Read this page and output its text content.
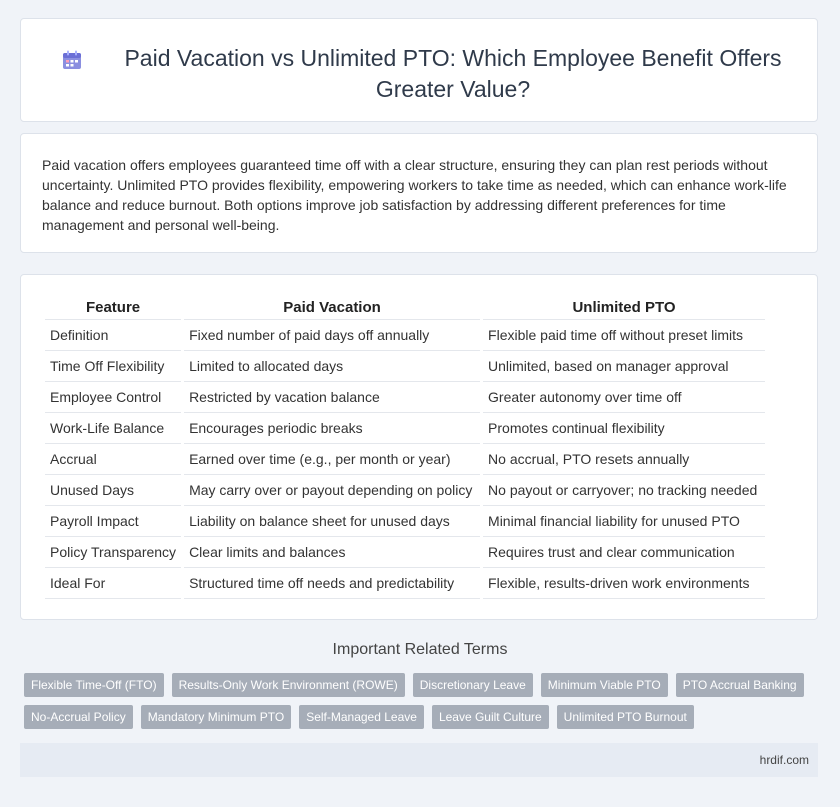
Paid Vacation vs Unlimited PTO: Which Employee Benefit Offers Greater Value?

Paid vacation offers employees guaranteed time off with a clear structure, ensuring they can plan rest periods without uncertainty. Unlimited PTO provides flexibility, empowering workers to take time as needed, which can enhance work-life balance and reduce burnout. Both options improve job satisfaction by addressing different preferences for time management and personal well-being.

Feature	Paid Vacation	Unlimited PTO
Definition	Fixed number of paid days off annually	Flexible paid time off without preset limits
Time Off Flexibility	Limited to allocated days	Unlimited, based on manager approval
Employee Control	Restricted by vacation balance	Greater autonomy over time off
Work-Life Balance	Encourages periodic breaks	Promotes continual flexibility
Accrual	Earned over time (e.g., per month or year)	No accrual, PTO resets annually
Unused Days	May carry over or payout depending on policy	No payout or carryover; no tracking needed
Payroll Impact	Liability on balance sheet for unused days	Minimal financial liability for unused PTO
Policy Transparency	Clear limits and balances	Requires trust and clear communication
Ideal For	Structured time off needs and predictability	Flexible, results-driven work environments
Important Related Terms
Flexible Time-Off (FTO)	Results-Only Work Environment (ROWE)	Discretionary Leave	Minimum Viable PTO	PTO Accrual Banking
No-Accrual Policy	Mandatory Minimum PTO	Self-Managed Leave	Leave Guilt Culture	Unlimited PTO Burnout
hrdif.com
